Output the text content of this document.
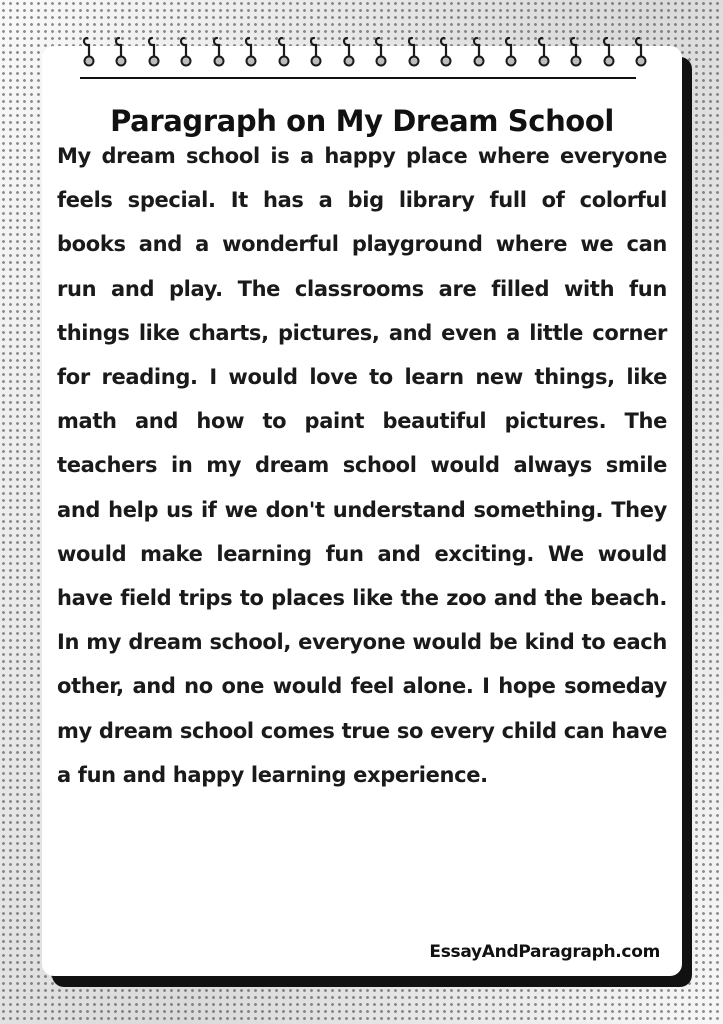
Paragraph on My Dream School

My dream school is a happy place where everyone feels special. It has a big library full of colorful books and a wonderful playground where we can run and play. The classrooms are filled with fun things like charts, pictures, and even a little corner for reading. I would love to learn new things, like math and how to paint beautiful pictures. The teachers in my dream school would always smile and help us if we don't understand something. They would make learning fun and exciting. We would have field trips to places like the zoo and the beach. In my dream school, everyone would be kind to each other, and no one would feel alone. I hope someday my dream school comes true so every child can have a fun and happy learning experience.

EssayAndParagraph.com
